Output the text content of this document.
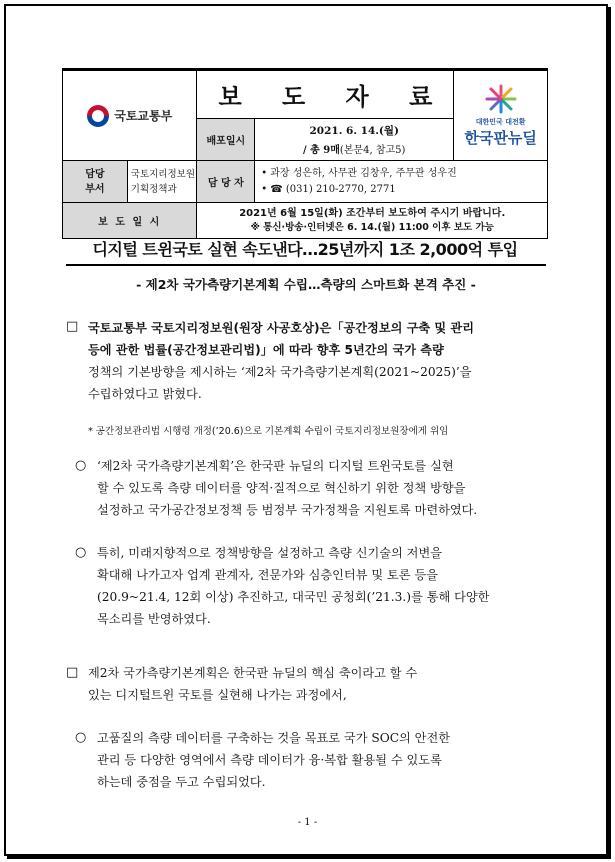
국토교통부		보 도 자 료		대한민국 대전환
한국판뉴딜

		배포일시	2021. 6. 14.(월)
/ 총 9매(본문4, 참고5)	

담당 부서	국토지리정보원 기획정책과	담 당 자	• 과장 성은하, 사무관 김창우, 주무관 성우진
• ☎ (031) 210-2770, 2771	

보 도 일 시		2021년 6월 15일(화) 조간부터 보도하여 주시기 바랍니다.
※ 통신·방송·인터넷은 6. 14.(월) 11:00 이후 보도 가능		
디지털 트윈국토 실현 속도낸다…25년까지 1조 2,000억 투입
- 제2차 국가측량기본계획 수립…측량의 스마트화 본격 추진 -
□ 국토교통부 국토지리정보원(원장 사공호상)은「공간정보의 구축 및 관리
등에 관한 법률(공간정보관리법)」에 따라 향후 5년간의 국가 측량
정책의 기본방향을 제시하는 ‘제2차 국가측량기본계획(2021~2025)’을
수립하였다고 밝혔다.
* 공간정보관리법 시행령 개정(’20.6)으로 기본계획 수립이 국토지리정보원장에게 위임
○ ‘제2차 국가측량기본계획’은 한국판 뉴딜의 디지털 트윈국토를 실현
할 수 있도록 측량 데이터를 양적·질적으로 혁신하기 위한 정책 방향을
설정하고 국가공간정보정책 등 범정부 국가정책을 지원토록 마련하였다.
○ 특히, 미래지향적으로 정책방향을 설정하고 측량 신기술의 저변을
확대해 나가고자 업계 관계자, 전문가와 심층인터뷰 및 토론 등을
(20.9~21.4, 12회 이상) 추진하고, 대국민 공청회(’21.3.)를 통해 다양한
목소리를 반영하였다.
□ 제2차 국가측량기본계획은 한국판 뉴딜의 핵심 축이라고 할 수
있는 디지털트윈 국토를 실현해 나가는 과정에서,
○ 고품질의 측량 데이터를 구축하는 것을 목표로 국가 SOC의 안전한
관리 등 다양한 영역에서 측량 데이터가 융·복합 활용될 수 있도록
하는데 중점을 두고 수립되었다.
- 1 -
